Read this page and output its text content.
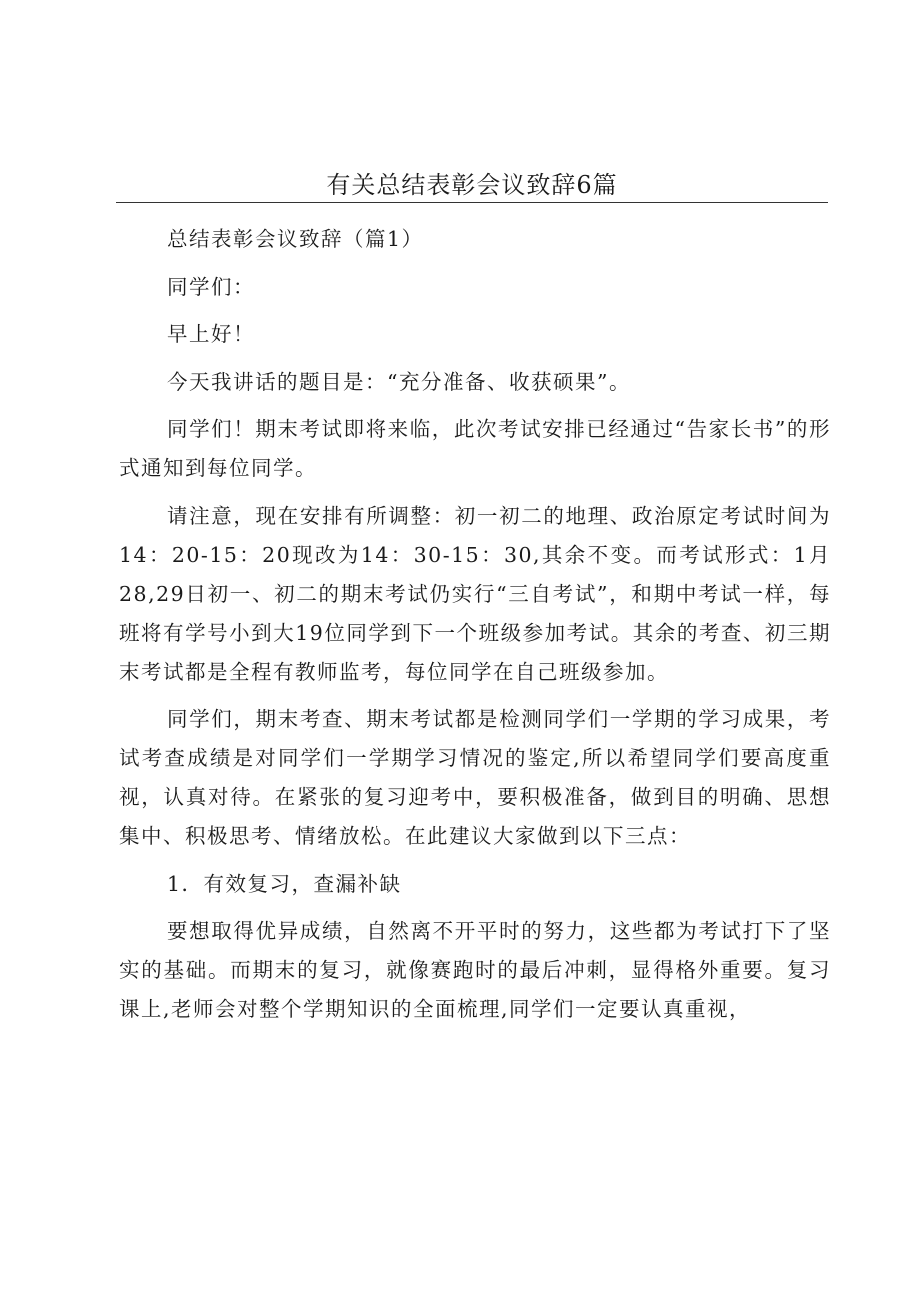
有关总结表彰会议致辞6篇

总结表彰会议致辞（篇1）

同学们：

早上好！

今天我讲话的题目是：“充分准备、收获硕果”。

同学们！期末考试即将来临，此次考试安排已经通过“告家长书”的形式通知到每位同学。

请注意，现在安排有所调整：初一初二的地理、政治原定考试时间为14：20-15：20现改为14：30-15：30,其余不变。而考试形式：1月28,29日初一、初二的期末考试仍实行“三自考试”，和期中考试一样，每班将有学号小到大19位同学到下一个班级参加考试。其余的考查、初三期末考试都是全程有教师监考，每位同学在自己班级参加。

同学们，期末考查、期末考试都是检测同学们一学期的学习成果，考试考查成绩是对同学们一学期学习情况的鉴定,所以希望同学们要高度重视，认真对待。在紧张的复习迎考中，要积极准备，做到目的明确、思想集中、积极思考、情绪放松。在此建议大家做到以下三点：

1．有效复习，查漏补缺

要想取得优异成绩，自然离不开平时的努力，这些都为考试打下了坚实的基础。而期末的复习，就像赛跑时的最后冲刺，显得格外重要。复习课上,老师会对整个学期知识的全面梳理,同学们一定要认真重视，
